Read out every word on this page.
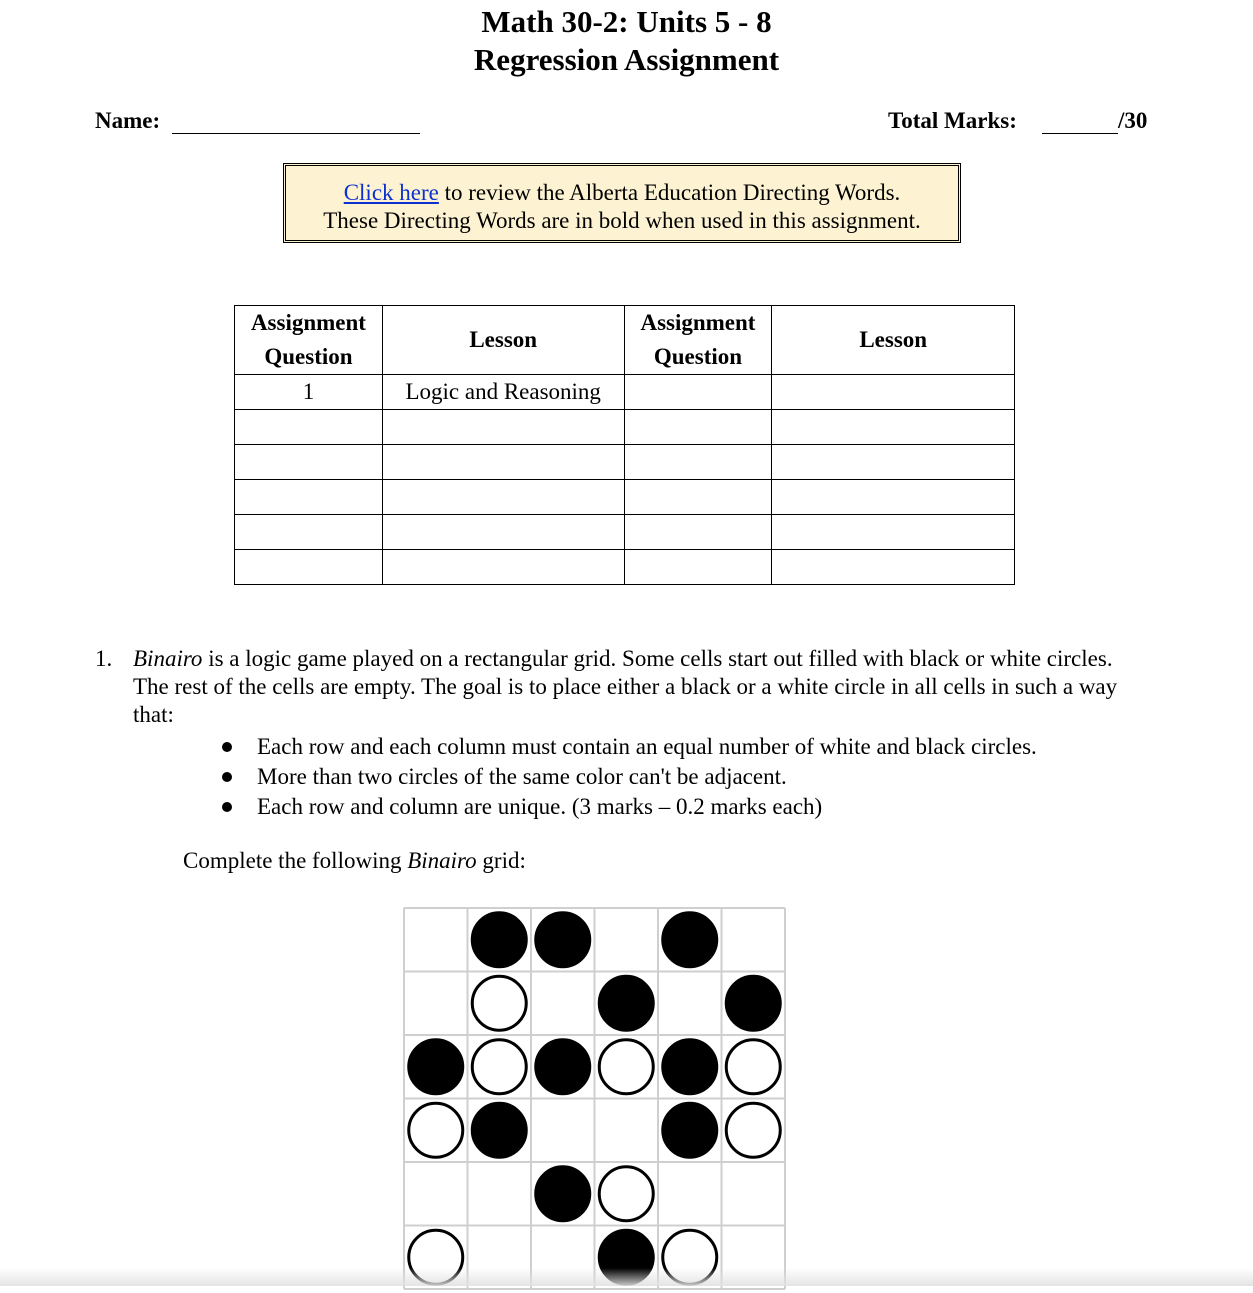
Math 30-2: Units 5 - 8
Regression Assignment
Name:	Total Marks:	/30
Click here to review the Alberta Education Directing Words.
These Directing Words are in bold when used in this assignment.
Assignment Question	Lesson	Assignment Question	Lesson
1	Logic and Reasoning		

1. Binairo is a logic game played on a rectangular grid. Some cells start out filled with black or white circles. The rest of the cells are empty. The goal is to place either a black or a white circle in all cells in such a way that:
Each row and each column must contain an equal number of white and black circles.
More than two circles of the same color can't be adjacent.
Each row and column are unique. (3 marks – 0.2 marks each)
Complete the following Binairo grid:
